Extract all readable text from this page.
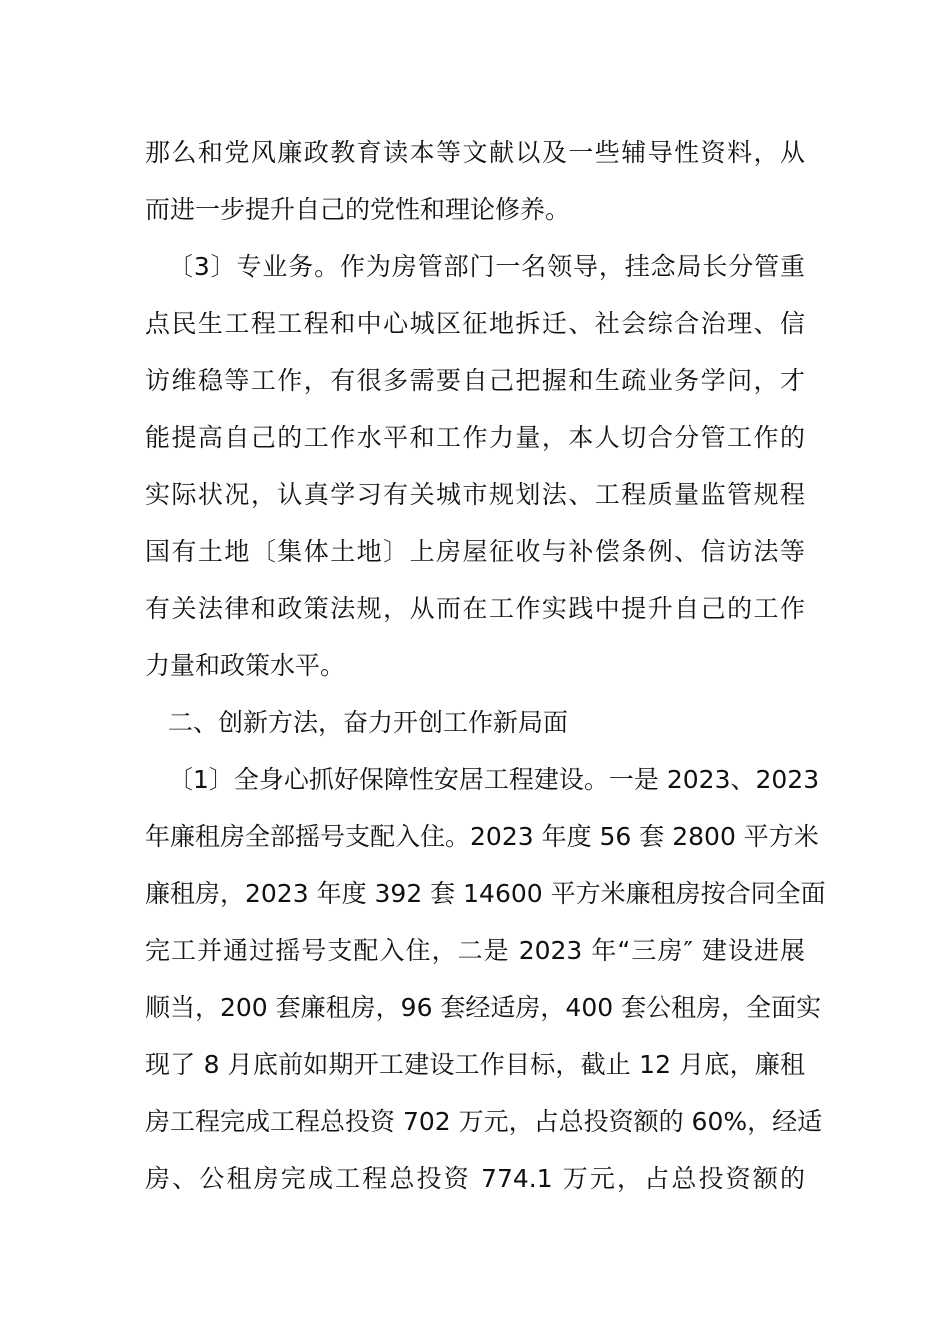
那么和党风廉政教育读本等文献以及一些辅导性资料，从
而进一步提升自己的党性和理论修养。
〔3〕专业务。作为房管部门一名领导，挂念局长分管重
点民生工程工程和中心城区征地拆迁、社会综合治理、信
访维稳等工作，有很多需要自己把握和生疏业务学问，才
能提高自己的工作水平和工作力量，本人切合分管工作的
实际状况，认真学习有关城市规划法、工程质量监管规程
国有土地〔集体土地〕上房屋征收与补偿条例、信访法等
有关法律和政策法规，从而在工作实践中提升自己的工作
力量和政策水平。
二、创新方法，奋力开创工作新局面
〔1〕全身心抓好保障性安居工程建设。一是 2023、2023
年廉租房全部摇号支配入住。2023 年度 56 套 2800 平方米
廉租房，2023 年度 392 套 14600 平方米廉租房按合同全面
完工并通过摇号支配入住，二是 2023 年“三房″ 建设进展
顺当，200 套廉租房，96 套经适房，400 套公租房，全面实
现了 8 月底前如期开工建设工作目标，截止 12 月底，廉租
房工程完成工程总投资 702 万元，占总投资额的 60%，经适
房、公租房完成工程总投资 774.1 万元，占总投资额的
